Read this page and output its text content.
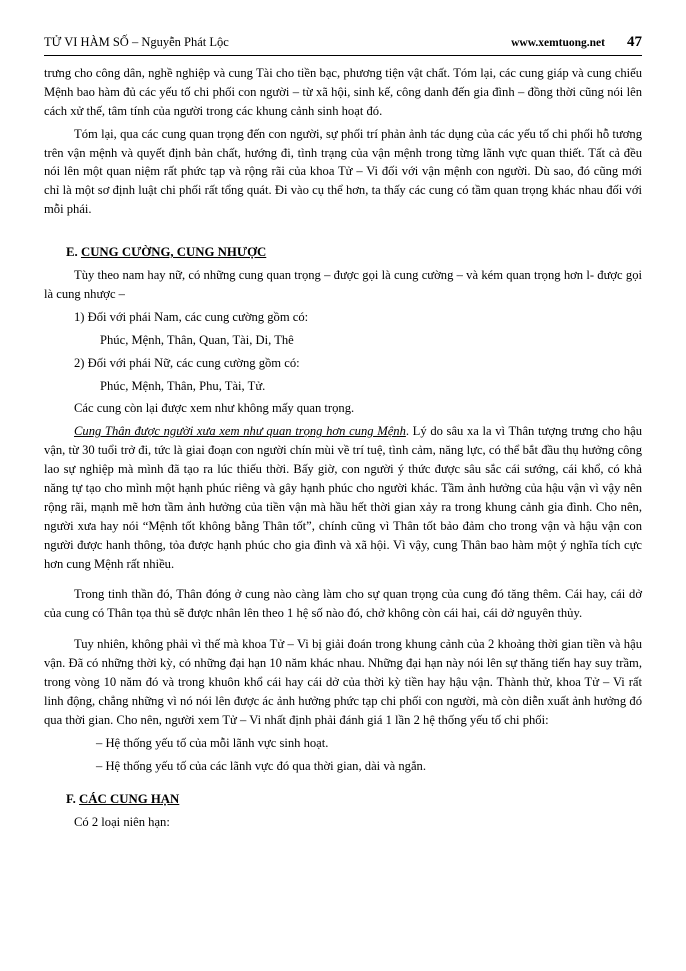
TỬ VI HÀM SỐ – Nguyễn Phát Lộc	www.xemtuong.net 47

trưng cho công dân, nghề nghiệp và cung Tài cho tiền bạc, phương tiện vật chất. Tóm lại, các cung giáp và cung chiếu Mệnh bao hàm đủ các yếu tố chi phối con người – từ xã hội, sinh kế, công danh đến gia đình – đồng thời cũng nói lên cách xử thế, tâm tính của người trong các khung cảnh sinh hoạt đó.

Tóm lại, qua các cung quan trọng đến con người, sự phối trí phản ảnh tác dụng của các yếu tố chi phối hỗ tương trên vận mệnh và quyết định bản chất, hướng đi, tình trạng của vận mệnh trong từng lãnh vực quan thiết. Tất cả đều nói lên một quan niệm rất phức tạp và rộng rãi của khoa Tử – Vi đối với vận mệnh con người. Dù sao, đó cũng mới chỉ là một sơ định luật chi phối rất tổng quát. Đi vào cụ thể hơn, ta thấy các cung có tầm quan trọng khác nhau đối với mỗi phái.

E. CUNG CƯỜNG, CUNG NHƯỢC

Tùy theo nam hay nữ, có những cung quan trọng – được gọi là cung cường – và kém quan trọng hơn l- được gọi là cung nhược –

1) Đối với phái Nam, các cung cường gồm có:

Phúc, Mệnh, Thân, Quan, Tài, Di, Thê

2) Đối với phái Nữ, các cung cường gồm có:

Phúc, Mệnh, Thân, Phu, Tài, Tử.

Các cung còn lại được xem như không mấy quan trọng.

Cung Thân được người xưa xem như quan trọng hơn cung Mệnh. Lý do sâu xa la vì Thân tượng trưng cho hậu vận, từ 30 tuổi trở đi, tức là giai đoạn con người chín mùi về trí tuệ, tình cảm, năng lực, có thể bắt đầu thụ hưởng công lao sự nghiệp mà mình đã tạo ra lúc thiếu thời. Bấy giờ, con người ý thức được sâu sắc cái sướng, cái khổ, có khả năng tự tạo cho mình một hạnh phúc riêng và gây hạnh phúc cho người khác. Tầm ảnh hưởng của hậu vận vì vậy nên rộng rãi, mạnh mẽ hơn tầm ảnh hưởng của tiền vận mà hầu hết thời gian xảy ra trong khung cảnh gia đình. Cho nên, người xưa hay nói “Mệnh tốt không bằng Thân tốt”, chính cũng vì Thân tốt bảo đảm cho trong vận và hậu vận con người được hanh thông, tỏa được hạnh phúc cho gia đình và xã hội. Vì vậy, cung Thân bao hàm một ý nghĩa tích cực hơn cung Mệnh rất nhiều.

Trong tinh thần đó, Thân đóng ở cung nào càng làm cho sự quan trọng của cung đó tăng thêm. Cái hay, cái dở của cung có Thân tọa thủ sẽ được nhân lên theo 1 hệ số nào đó, chở không còn cái hai, cái dở nguyên thủy.

Tuy nhiên, không phải vì thế mà khoa Tử – Vi bị giải đoán trong khung cảnh của 2 khoảng thời gian tiền và hậu vận. Đã có những thời kỳ, có những đại hạn 10 năm khác nhau. Những đại hạn này nói lên sự thăng tiến hay suy trầm, trong vòng 10 năm đó và trong khuôn khổ cái hay cái dở của thời kỳ tiền hay hậu vận. Thành thử, khoa Tử – Vi rất linh động, chẳng những vì nó nói lên được ác ảnh hưởng phức tạp chi phối con người, mà còn diễn xuất ảnh hưởng đó qua thời gian. Cho nên, người xem Tử – Vi nhất định phải đánh giá 1 lần 2 hệ thống yếu tố chi phối:

– Hệ thống yếu tố của mỗi lãnh vực sinh hoạt.

– Hệ thống yếu tố của các lãnh vực đó qua thời gian, dài và ngắn.

F. CÁC CUNG HẠN

Có 2 loại niên hạn:
